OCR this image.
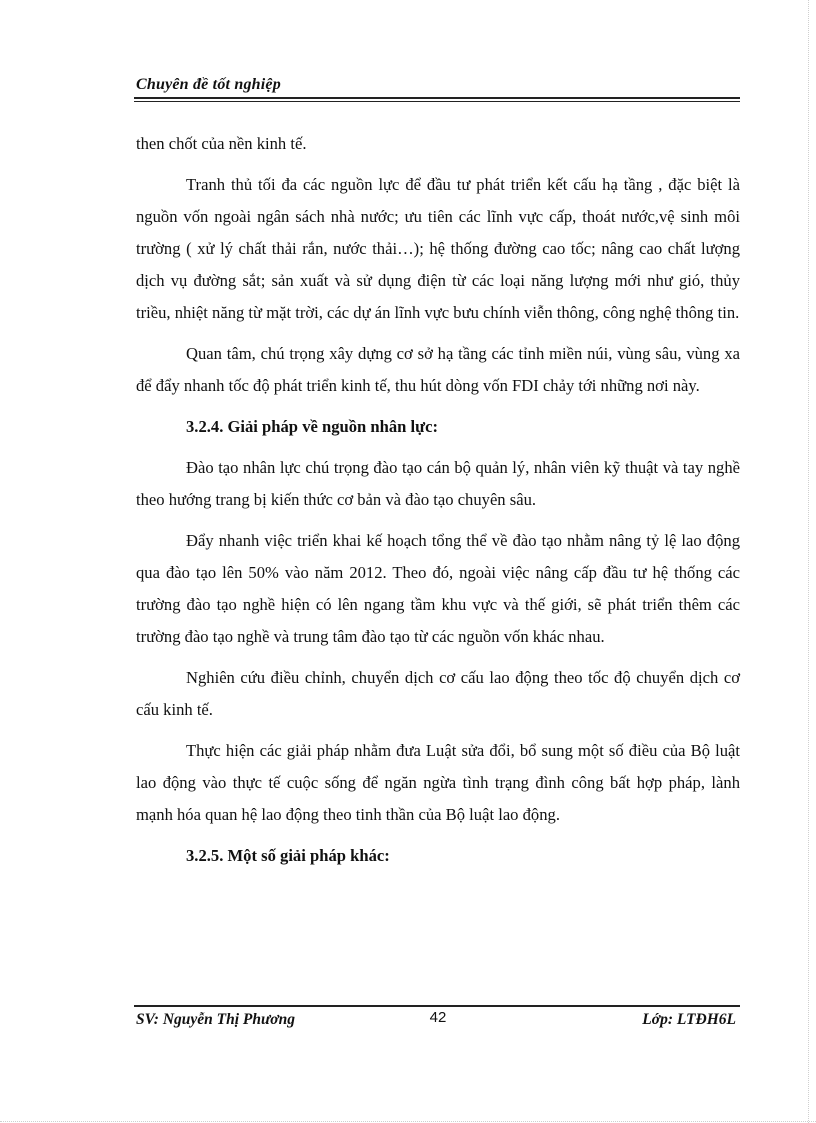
Chuyên đề tốt nghiệp

then chốt của nền kinh tế.

Tranh thủ tối đa các nguồn lực để đầu tư phát triển kết cấu hạ tầng , đặc biệt là nguồn vốn ngoài ngân sách nhà nước; ưu tiên các lĩnh vực cấp, thoát nước,vệ sinh môi trường ( xử lý chất thải rắn, nước thải…); hệ thống đường cao tốc; nâng cao chất lượng dịch vụ đường sắt; sản xuất và sử dụng điện từ các loại năng lượng mới như gió, thủy triều, nhiệt năng từ mặt trời, các dự án lĩnh vực bưu chính viễn thông, công nghệ thông tin.

Quan tâm, chú trọng xây dựng cơ sở hạ tầng các tỉnh miền núi, vùng sâu, vùng xa để đẩy nhanh tốc độ phát triển kinh tế, thu hút dòng vốn FDI chảy tới những nơi này.

3.2.4. Giải pháp về nguồn nhân lực:

Đào tạo nhân lực chú trọng đào tạo cán bộ quản lý, nhân viên kỹ thuật và tay nghề theo hướng trang bị kiến thức cơ bản và đào tạo chuyên sâu.

Đẩy nhanh việc triển khai kế hoạch tổng thể về đào tạo nhằm nâng tỷ lệ lao động qua đào tạo lên 50% vào năm 2012. Theo đó, ngoài việc nâng cấp đầu tư hệ thống các trường đào tạo nghề hiện có lên ngang tầm khu vực và thế giới, sẽ phát triển thêm các trường đào tạo nghề và trung tâm đào tạo từ các nguồn vốn khác nhau.

Nghiên cứu điều chỉnh, chuyển dịch cơ cấu lao động theo tốc độ chuyển dịch cơ cấu kinh tế.

Thực hiện các giải pháp nhằm đưa Luật sửa đổi, bổ sung một số điều của Bộ luật lao động vào thực tế cuộc sống để ngăn ngừa tình trạng đình công bất hợp pháp, lành mạnh hóa quan hệ lao động theo tinh thần của Bộ luật lao động.

3.2.5. Một số giải pháp khác:

SV: Nguyễn Thị Phương	42	Lớp: LTĐH6L
